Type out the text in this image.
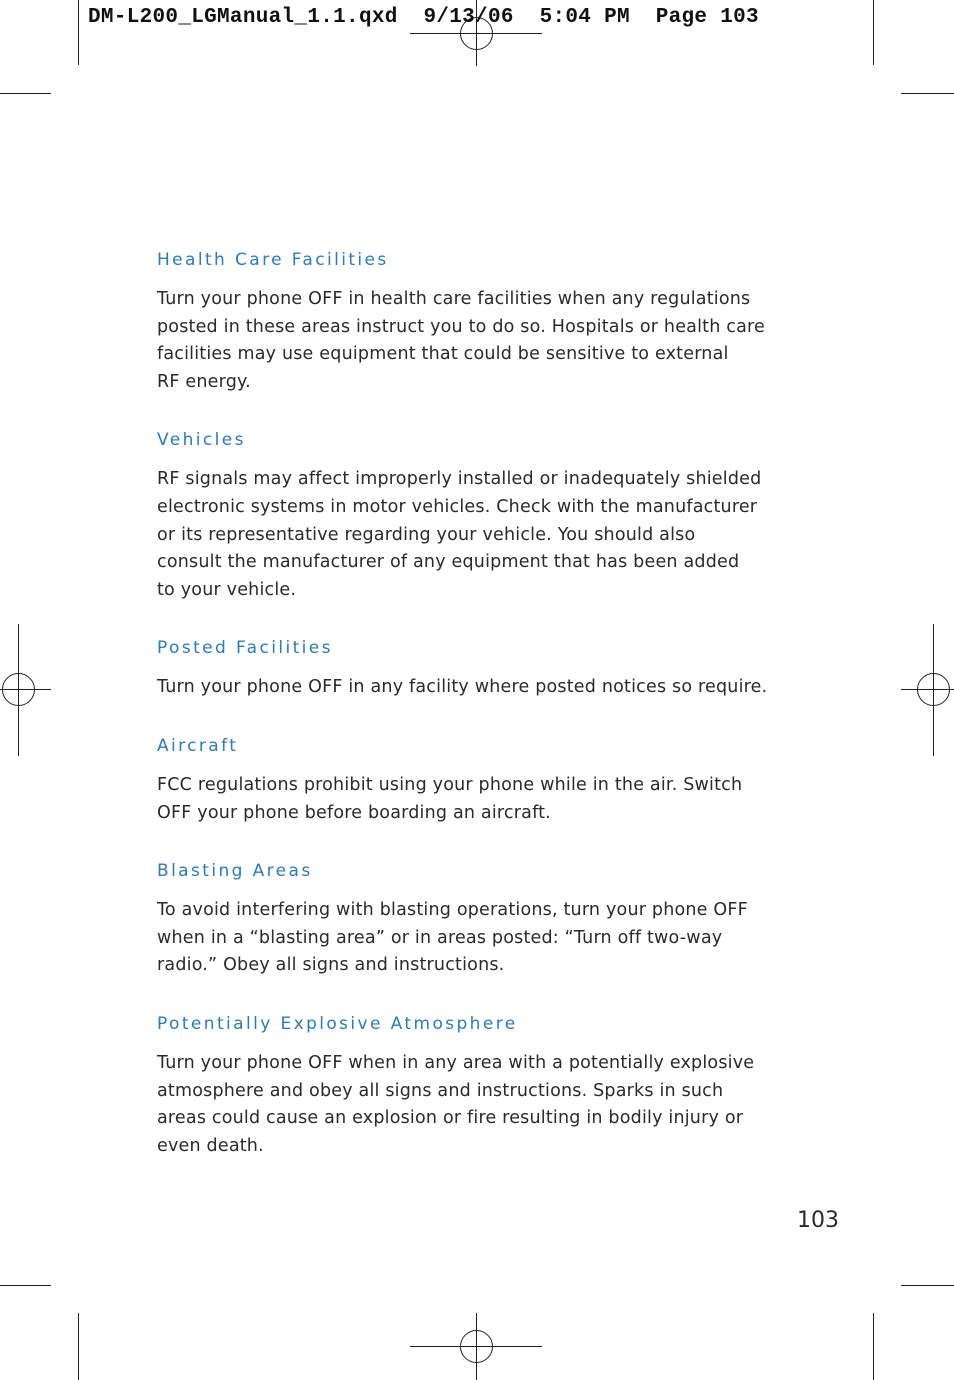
DM-L200_LGManual_1.1.qxd  9/13/06  5:04 PM  Page 103
Health Care Facilities

Turn your phone OFF in health care facilities when any regulations
posted in these areas instruct you to do so. Hospitals or health care
facilities may use equipment that could be sensitive to external
RF energy.

Vehicles

RF signals may affect improperly installed or inadequately shielded
electronic systems in motor vehicles. Check with the manufacturer
or its representative regarding your vehicle. You should also
consult the manufacturer of any equipment that has been added
to your vehicle.

Posted Facilities

Turn your phone OFF in any facility where posted notices so require.

Aircraft

FCC regulations prohibit using your phone while in the air. Switch
OFF your phone before boarding an aircraft.

Blasting Areas

To avoid interfering with blasting operations, turn your phone OFF
when in a “blasting area” or in areas posted: “Turn off two-way
radio.” Obey all signs and instructions.

Potentially Explosive Atmosphere

Turn your phone OFF when in any area with a potentially explosive
atmosphere and obey all signs and instructions. Sparks in such
areas could cause an explosion or fire resulting in bodily injury or
even death.

103
